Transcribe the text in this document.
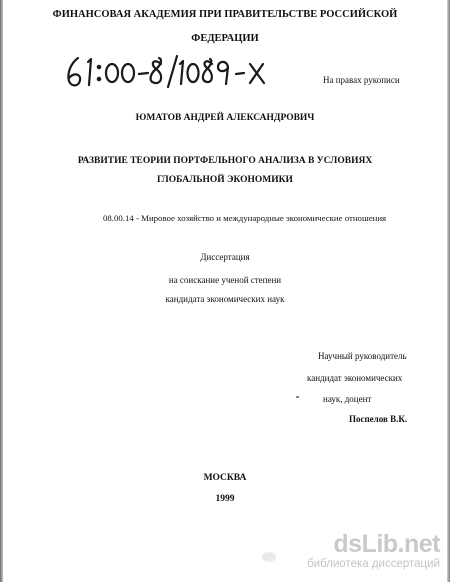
ФИНАНСОВАЯ АКАДЕМИЯ ПРИ ПРАВИТЕЛЬСТВЕ РОССИЙСКОЙ
ФЕДЕРАЦИИ
На правах рукописи
ЮМАТОВ АНДРЕЙ АЛЕКСАНДРОВИЧ
РАЗВИТИЕ ТЕОРИИ ПОРТФЕЛЬНОГО АНАЛИЗА В УСЛОВИЯХ
ГЛОБАЛЬНОЙ ЭКОНОМИКИ
08.00.14 - Мировое хозяйство и международные экономические отношения
Диссертация
на соискание ученой степени
кандидата экономических наук
Научный руководитель
кандидат экономических
наук, доцент
Поспелов В.К.
МОСКВА
1999
dsLib.net
библиотека диссертаций
